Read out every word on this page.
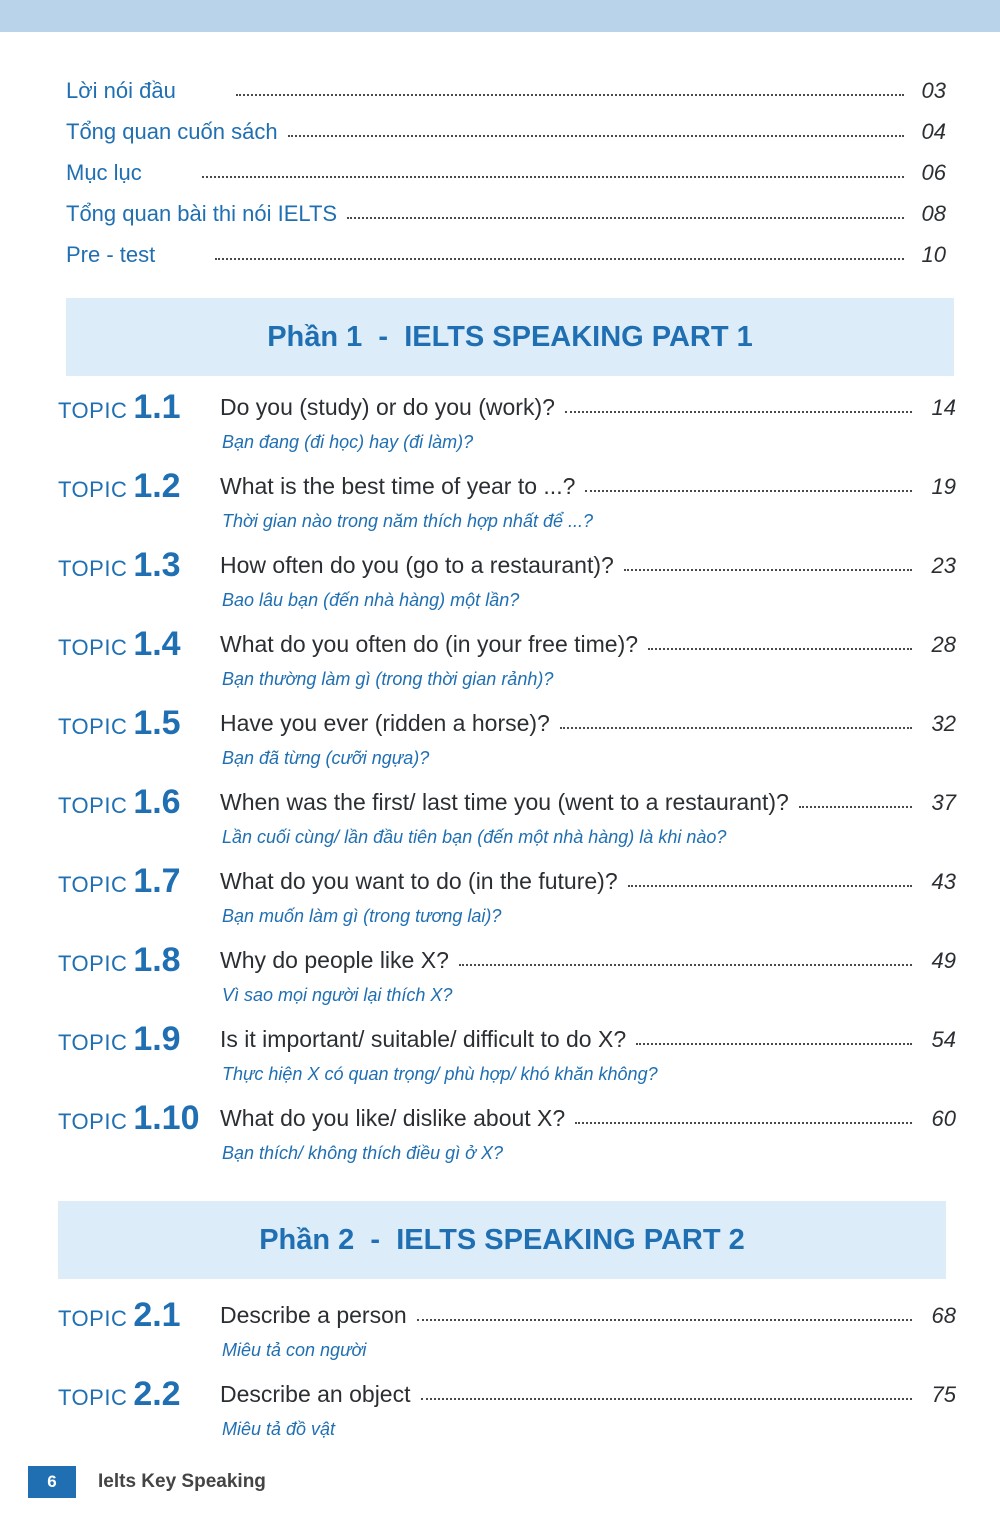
Lời nói đầu	03
Tổng quan cuốn sách	04
Mục lục	06
Tổng quan bài thi nói IELTS	08
Pre - test	10
Phần 1  -  IELTS SPEAKING PART 1
TOPIC 1.1	Do you (study) or do you (work)?	14
Bạn đang (đi học) hay (đi làm)?
TOPIC 1.2	What is the best time of year to ...?	19
Thời gian nào trong năm thích hợp nhất để ...?
TOPIC 1.3	How often do you (go to a restaurant)?	23
Bao lâu bạn (đến nhà hàng) một lần?
TOPIC 1.4	What do you often do (in your free time)?	28
Bạn thường làm gì (trong thời gian rảnh)?
TOPIC 1.5	Have you ever (ridden a horse)?	32
Bạn đã từng (cưỡi ngựa)?
TOPIC 1.6	When was the first/ last time you (went to a restaurant)?	37
Lần cuối cùng/ lần đầu tiên bạn (đến một nhà hàng) là khi nào?
TOPIC 1.7	What do you want to do (in the future)?	43
Bạn muốn làm gì (trong tương lai)?
TOPIC 1.8	Why do people like X?	49
Vì sao mọi người lại thích X?
TOPIC 1.9	Is it important/ suitable/ difficult to do X?	54
Thực hiện X có quan trọng/ phù hợp/ khó khăn không?
TOPIC 1.10 What do you like/ dislike about X?	60
Bạn thích/ không thích điều gì ở X?
Phần 2  -  IELTS SPEAKING PART 2
TOPIC 2.1	Describe a person	68
Miêu tả con người
TOPIC 2.2	Describe an object	75
Miêu tả đồ vật
6	Ielts Key Speaking
